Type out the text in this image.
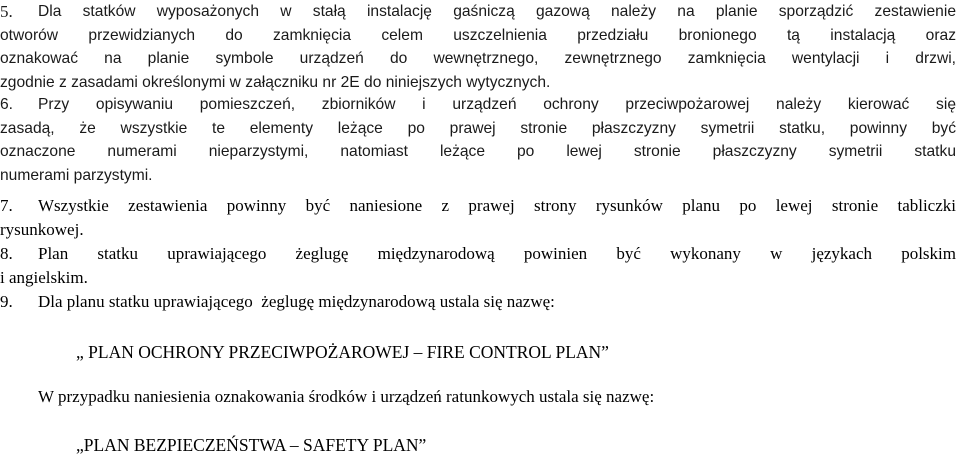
5. Dla statków wyposażonych w stałą instalację gaśniczą gazową należy na planie sporządzić zestawienie
otworów przewidzianych do zamknięcia celem uszczelnienia przedziału bronionego tą instalacją oraz
oznakować na planie symbole urządzeń do wewnętrznego, zewnętrznego zamknięcia wentylacji i drzwi,
zgodnie z zasadami określonymi w załączniku nr 2E do niniejszych wytycznych.
6. Przy opisywaniu pomieszczeń, zbiorników i urządzeń ochrony przeciwpożarowej należy kierować się
zasadą, że wszystkie te elementy leżące po prawej stronie płaszczyzny symetrii statku, powinny być
oznaczone numerami nieparzystymi, natomiast leżące po lewej stronie płaszczyzny symetrii statku
numerami parzystymi.
7. Wszystkie zestawienia powinny być naniesione z prawej strony rysunków planu po lewej stronie tabliczki
rysunkowej.
8. Plan statku uprawiającego żeglugę międzynarodową powinien być wykonany w językach polskim
i angielskim.
9. Dla planu statku uprawiającego  żeglugę międzynarodową ustala się nazwę:
„ PLAN OCHRONY PRZECIWPOŻAROWEJ – FIRE CONTROL PLAN”
W przypadku naniesienia oznakowania środków i urządzeń ratunkowych ustala się nazwę:
„PLAN BEZPIECZEŃSTWA – SAFETY PLAN”
